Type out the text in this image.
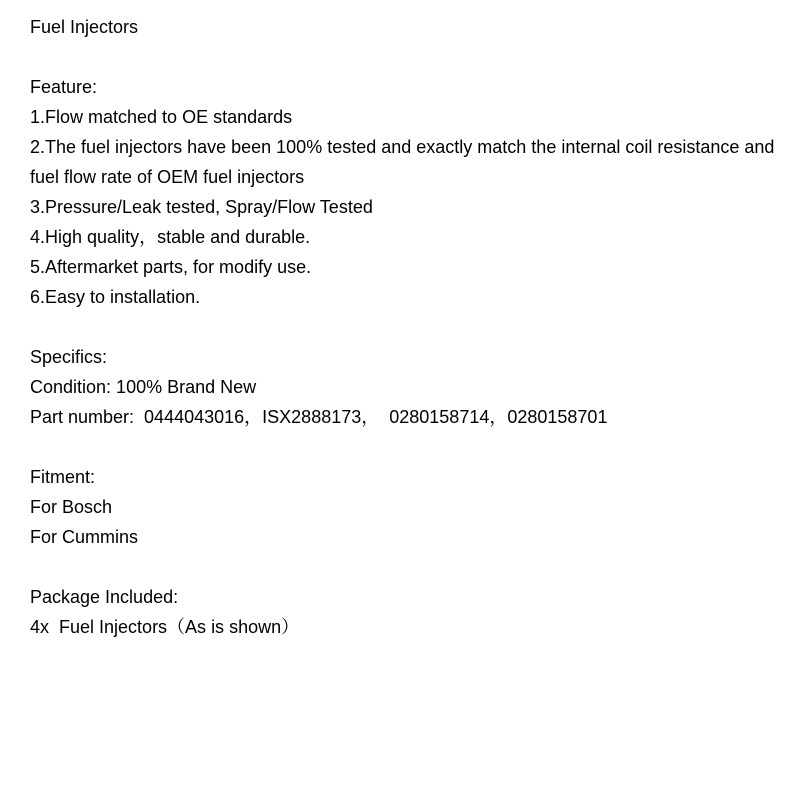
Fuel Injectors
Feature:
1.Flow matched to OE standards
2.The fuel injectors have been 100% tested and exactly match the internal coil resistance and
fuel flow rate of OEM fuel injectors
3.Pressure/Leak tested, Spray/Flow Tested
4.High quality，stable and durable.
5.Aftermarket parts, for modify use.
6.Easy to installation.
Specifics:
Condition: 100% Brand New
Part number:  0444043016，ISX2888173，  0280158714，0280158701
Fitment:
For Bosch
For Cummins
Package Included:
4x  Fuel Injectors（As is shown）
